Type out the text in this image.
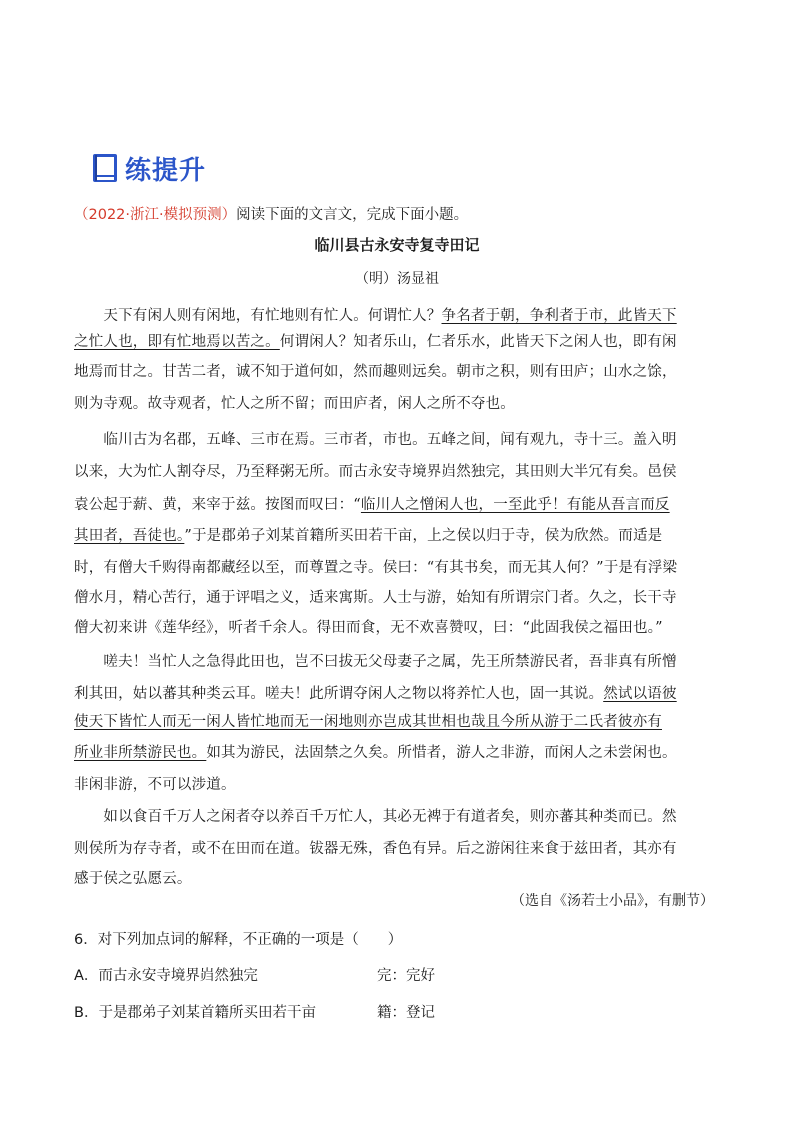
练提升
（2022·浙江·模拟预测）阅读下面的文言文，完成下面小题。
临川县古永安寺复寺田记
（明）汤显祖
　　天下有闲人则有闲地，有忙地则有忙人。何谓忙人？争名者于朝，争利者于市，此皆天下
之忙人也，即有忙地焉以苦之。何谓闲人？知者乐山，仁者乐水，此皆天下之闲人也，即有闲
地焉而甘之。甘苦二者，诚不知于道何如，然而趣则远矣。朝市之积，则有田庐；山水之馀，
则为寺观。故寺观者，忙人之所不留；而田庐者，闲人之所不夺也。
　　临川古为名郡，五峰、三市在焉。三市者，市也。五峰之间，闻有观九，寺十三。盖入明
以来，大为忙人割夺尽，乃至释粥无所。而古永安寺境界岿然独完，其田则大半冗有矣。邑侯
袁公起于薪、黄，来宰于兹。按图而叹曰：“临川人之憎闲人也，一至此乎！有能从吾言而反
其田者，吾徒也。”于是郡弟子刘某首籍所买田若干亩，上之侯以归于寺，侯为欣然。而适是
时，有僧大千购得南都藏经以至，而尊置之寺。侯曰：“有其书矣，而无其人何？”于是有浮梁
僧水月，精心苦行，通于评唱之义，适来寓斯。人士与游，始知有所谓宗门者。久之，长干寺
僧大初来讲《莲华经》，听者千余人。得田而食，无不欢喜赞叹，曰：“此固我侯之福田也。”
　　嗟夫！当忙人之急得此田也，岂不曰拔无父母妻子之属，先王所禁游民者，吾非真有所憎
利其田，姑以蕃其种类云耳。嗟夫！此所谓夺闲人之物以将养忙人也，固一其说。然试以语彼
使天下皆忙人而无一闲人皆忙地而无一闲地则亦岂成其世相也哉且今所从游于二氏者彼亦有
所业非所禁游民也。如其为游民，法固禁之久矣。所惜者，游人之非游，而闲人之未尝闲也。
非闲非游，不可以涉道。
　　如以食百千万人之闲者夺以养百千万忙人，其必无裨于有道者矣，则亦蕃其种类而已。然
则侯所为存寺者，或不在田而在道。钹器无殊，香色有异。后之游闲往来食于兹田者，其亦有
感于侯之弘愿云。
（选自《汤若士小品》，有删节）
6．对下列加点词的解释，不正确的一项是（　　）
A．而古永安寺境界岿然独完	完：完好
B．于是郡弟子刘某首籍所买田若干亩	籍：登记
